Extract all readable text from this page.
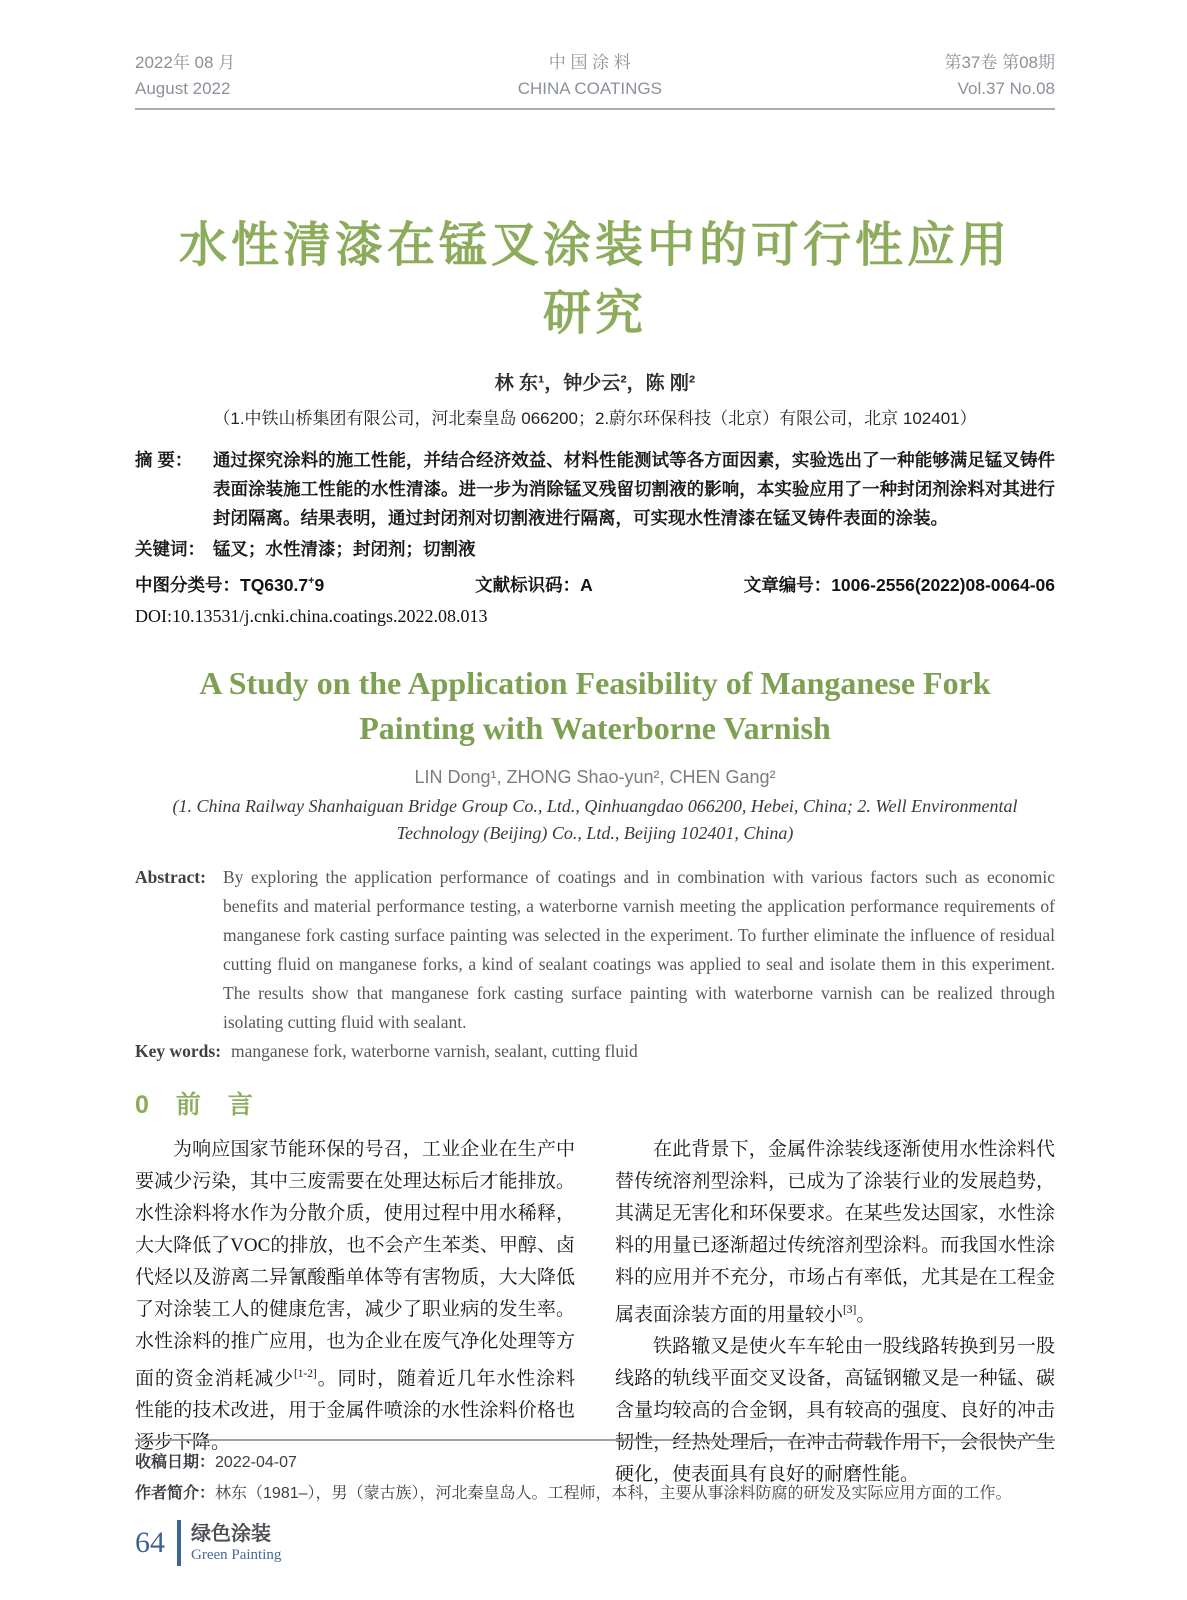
2022年 08 月
August 2022
中 国 涂 料
CHINA COATINGS
第37卷 第08期
Vol.37 No.08
水性清漆在锰叉涂装中的可行性应用
研究
林 东¹，钟少云²，陈 刚²
（1.中铁山桥集团有限公司，河北秦皇岛 066200；2.蔚尔环保科技（北京）有限公司，北京 102401）
摘 要：	通过探究涂料的施工性能，并结合经济效益、材料性能测试等各方面因素，实验选出了一种能够满足锰叉铸件表面涂装施工性能的水性清漆。进一步为消除锰叉残留切割液的影响，本实验应用了一种封闭剂涂料对其进行封闭隔离。结果表明，通过封闭剂对切割液进行隔离，可实现水性清漆在锰叉铸件表面的涂装。
关键词： 锰叉；水性清漆；封闭剂；切割液
中图分类号：TQ630.7+9	文献标识码：A	文章编号：1006-2556(2022)08-0064-06
DOI:10.13531/j.cnki.china.coatings.2022.08.013
A Study on the Application Feasibility of Manganese Fork
Painting with Waterborne Varnish
LIN Dong¹, ZHONG Shao-yun², CHEN Gang²
(1. China Railway Shanhaiguan Bridge Group Co., Ltd., Qinhuangdao 066200, Hebei, China; 2. Well Environmental Technology (Beijing) Co., Ltd., Beijing 102401, China)
Abstract: By exploring the application performance of coatings and in combination with various factors such as economic benefits and material performance testing, a waterborne varnish meeting the application performance requirements of manganese fork casting surface painting was selected in the experiment. To further eliminate the influence of residual cutting fluid on manganese forks, a kind of sealant coatings was applied to seal and isolate them in this experiment. The results show that manganese fork casting surface painting with waterborne varnish can be realized through isolating cutting fluid with sealant.
Key words: manganese fork, waterborne varnish, sealant, cutting fluid
0 前 言

为响应国家节能环保的号召，工业企业在生产中要减少污染，其中三废需要在处理达标后才能排放。水性涂料将水作为分散介质，使用过程中用水稀释，大大降低了VOC的排放，也不会产生苯类、甲醇、卤代烃以及游离二异氰酸酯单体等有害物质，大大降低了对涂装工人的健康危害，减少了职业病的发生率。水性涂料的推广应用，也为企业在废气净化处理等方面的资金消耗减少[1-2]。同时，随着近几年水性涂料性能的技术改进，用于金属件喷涂的水性涂料价格也逐步下降。

在此背景下，金属件涂装线逐渐使用水性涂料代替传统溶剂型涂料，已成为了涂装行业的发展趋势，其满足无害化和环保要求。在某些发达国家，水性涂料的用量已逐渐超过传统溶剂型涂料。而我国水性涂料的应用并不充分，市场占有率低，尤其是在工程金属表面涂装方面的用量较小[3]。

铁路辙叉是使火车车轮由一股线路转换到另一股线路的轨线平面交叉设备，高锰钢辙叉是一种锰、碳含量均较高的合金钢，具有较高的强度、良好的冲击韧性，经热处理后，在冲击荷载作用下，会很快产生硬化，使表面具有良好的耐磨性能。

收稿日期：2022-04-07
作者简介：林东（1981–），男（蒙古族），河北秦皇岛人。工程师，本科，主要从事涂料防腐的研发及实际应用方面的工作。
64 绿色涂装
Green Painting
